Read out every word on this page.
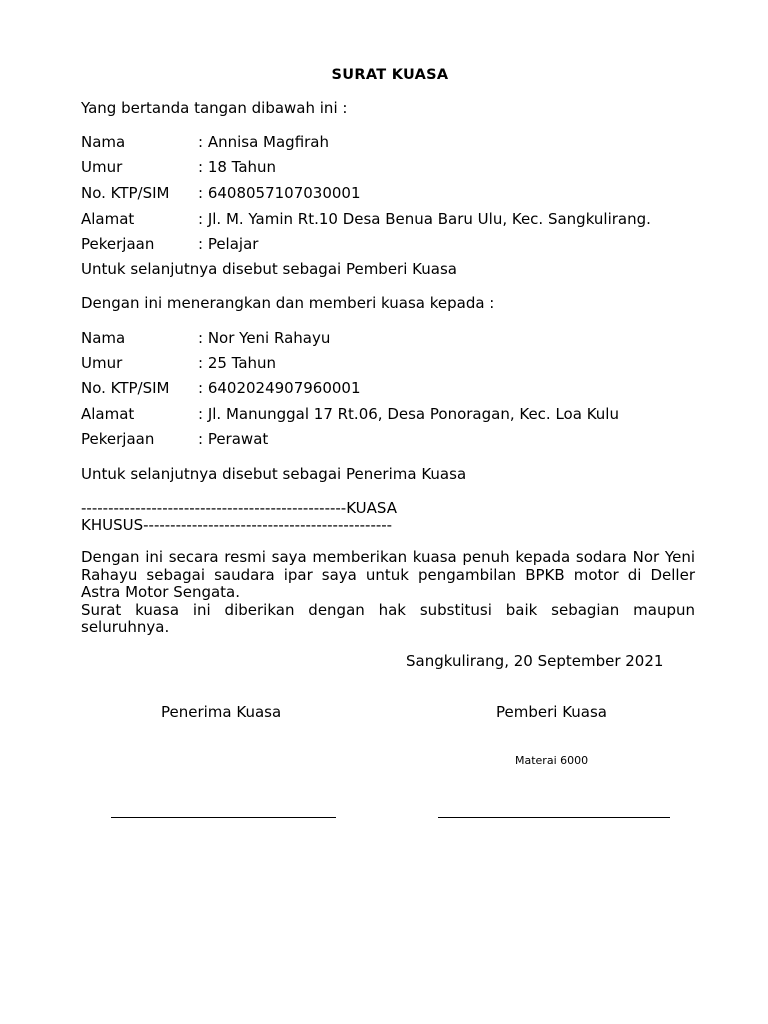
SURAT KUASA
Yang bertanda tangan dibawah ini :
Nama	: Annisa Magfirah
Umur	: 18 Tahun
No. KTP/SIM : 6408057107030001
Alamat	: Jl. M. Yamin Rt.10 Desa Benua Baru Ulu, Kec. Sangkulirang.
Pekerjaan	: Pelajar
Untuk selanjutnya disebut sebagai Pemberi Kuasa
Dengan ini menerangkan dan memberi kuasa kepada :
Nama	: Nor Yeni Rahayu
Umur	: 25 Tahun
No. KTP/SIM : 6402024907960001
Alamat	: Jl. Manunggal 17 Rt.06, Desa Ponoragan, Kec. Loa Kulu
Pekerjaan	: Perawat
Untuk selanjutnya disebut sebagai Penerima Kuasa
-------------------------------------------------KUASA
KHUSUS----------------------------------------------

Dengan ini secara resmi saya memberikan kuasa penuh kepada sodara Nor Yeni Rahayu sebagai saudara ipar saya untuk pengambilan BPKB motor di Deller Astra Motor Sengata.

Surat kuasa ini diberikan dengan hak substitusi baik sebagian maupun seluruhnya.

Sangkulirang, 20 September 2021
Penerima Kuasa	Pemberi Kuasa
Materai 6000
